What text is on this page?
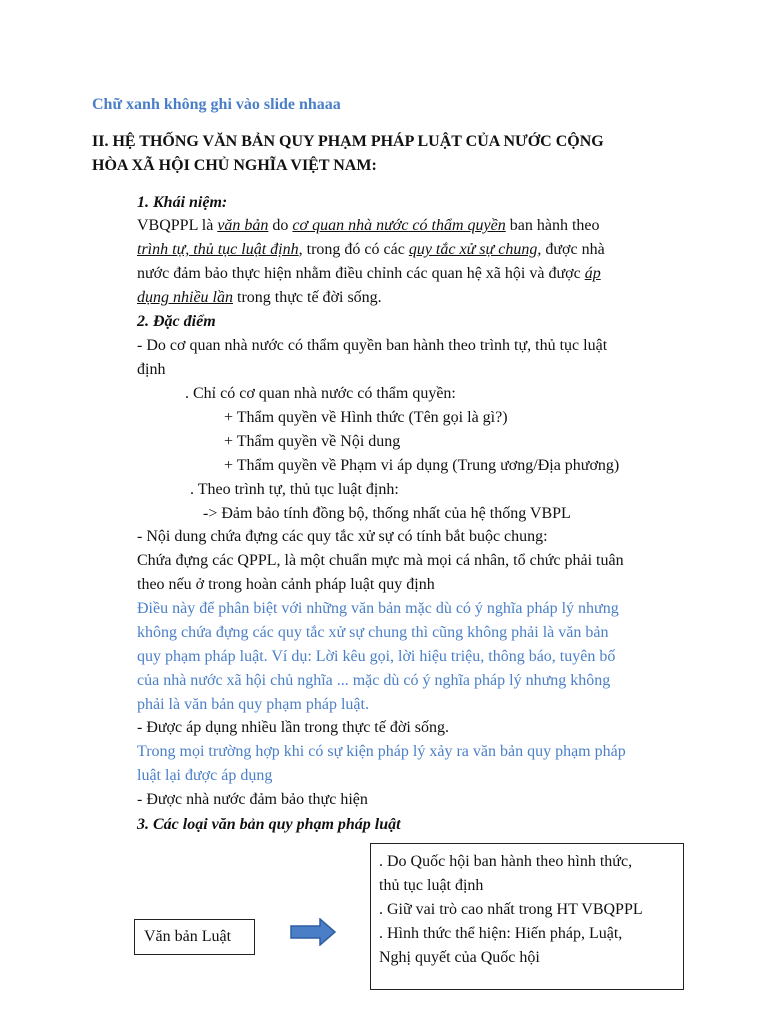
Chữ xanh không ghi vào slide nhaaa
II. HỆ THỐNG VĂN BẢN QUY PHẠM PHÁP LUẬT CỦA NƯỚC CỘNG
HÒA XÃ HỘI CHỦ NGHĨA VIỆT NAM:
1. Khái niệm:
VBQPPL là văn bản do cơ quan nhà nước có thẩm quyền ban hành theo
trình tự, thủ tục luật định, trong đó có các quy tắc xử sự chung, được nhà
nước đảm bảo thực hiện nhằm điều chỉnh các quan hệ xã hội và được áp
dụng nhiều lần trong thực tế đời sống.
2. Đặc điểm
- Do cơ quan nhà nước có thẩm quyền ban hành theo trình tự, thủ tục luật
định
. Chỉ có cơ quan nhà nước có thẩm quyền:
+ Thẩm quyền về Hình thức (Tên gọi là gì?)
+ Thẩm quyền về Nội dung
+ Thẩm quyền về Phạm vi áp dụng (Trung ương/Địa phương)
. Theo trình tự, thủ tục luật định:
-> Đảm bảo tính đồng bộ, thống nhất của hệ thống VBPL
- Nội dung chứa đựng các quy tắc xử sự có tính bắt buộc chung:
Chứa đựng các QPPL, là một chuẩn mực mà mọi cá nhân, tổ chức phải tuân
theo nếu ở trong hoàn cảnh pháp luật quy định
Điều này để phân biệt với những văn bản mặc dù có ý nghĩa pháp lý nhưng
không chứa đựng các quy tắc xử sự chung thì cũng không phải là văn bản
quy phạm pháp luật. Ví dụ: Lời kêu gọi, lời hiệu triệu, thông báo, tuyên bố
của nhà nước xã hội chủ nghĩa ... mặc dù có ý nghĩa pháp lý nhưng không
phải là văn bản quy phạm pháp luật.
- Được áp dụng nhiều lần trong thực tế đời sống.
Trong mọi trường hợp khi có sự kiện pháp lý xảy ra văn bản quy phạm pháp
luật lại được áp dụng
- Được nhà nước đảm bảo thực hiện
3. Các loại văn bản quy phạm pháp luật
Văn bản Luật
. Do Quốc hội ban hành theo hình thức,
thủ tục luật định
. Giữ vai trò cao nhất trong HT VBQPPL
. Hình thức thể hiện: Hiến pháp, Luật,
Nghị quyết của Quốc hội
